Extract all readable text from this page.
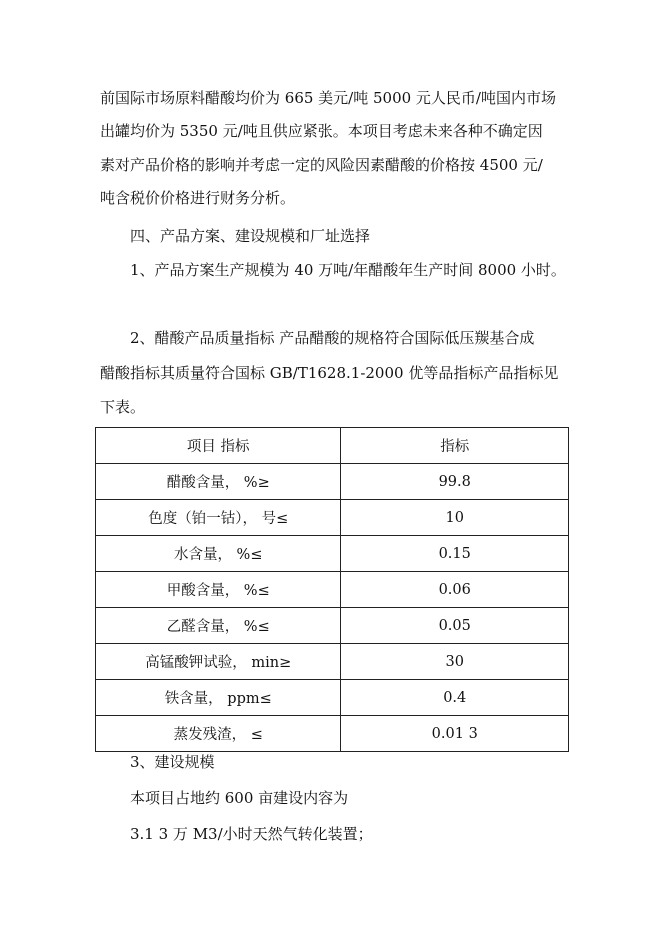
前国际市场原料醋酸均价为 665 美元/吨 5000 元人民币/吨国内市场
出罐均价为 5350 元/吨且供应紧张。本项目考虑未来各种不确定因
素对产品价格的影响并考虑一定的风险因素醋酸的价格按 4500 元/
吨含税价价格进行财务分析。
四、产品方案、建设规模和厂址选择
1、产品方案生产规模为 40 万吨/年醋酸年生产时间 8000 小时。
2、醋酸产品质量指标 产品醋酸的规格符合国际低压羰基合成
醋酸指标其质量符合国标 GB/T1628.1-2000 优等品指标产品指标见
下表。
项目 指标	指标
醋酸含量， %≥	99.8
色度（铂一钴）， 号≤	10
水含量， %≤	0.15
甲酸含量， %≤	0.06
乙醛含量， %≤	0.05
高锰酸钾试验， min≥	30
铁含量， ppm≤	0.4
蒸发残渣， ≤	0.01 3
3、建设规模
本项目占地约 600 亩建设内容为
3.1 3 万 M3/小时天然气转化装置；
